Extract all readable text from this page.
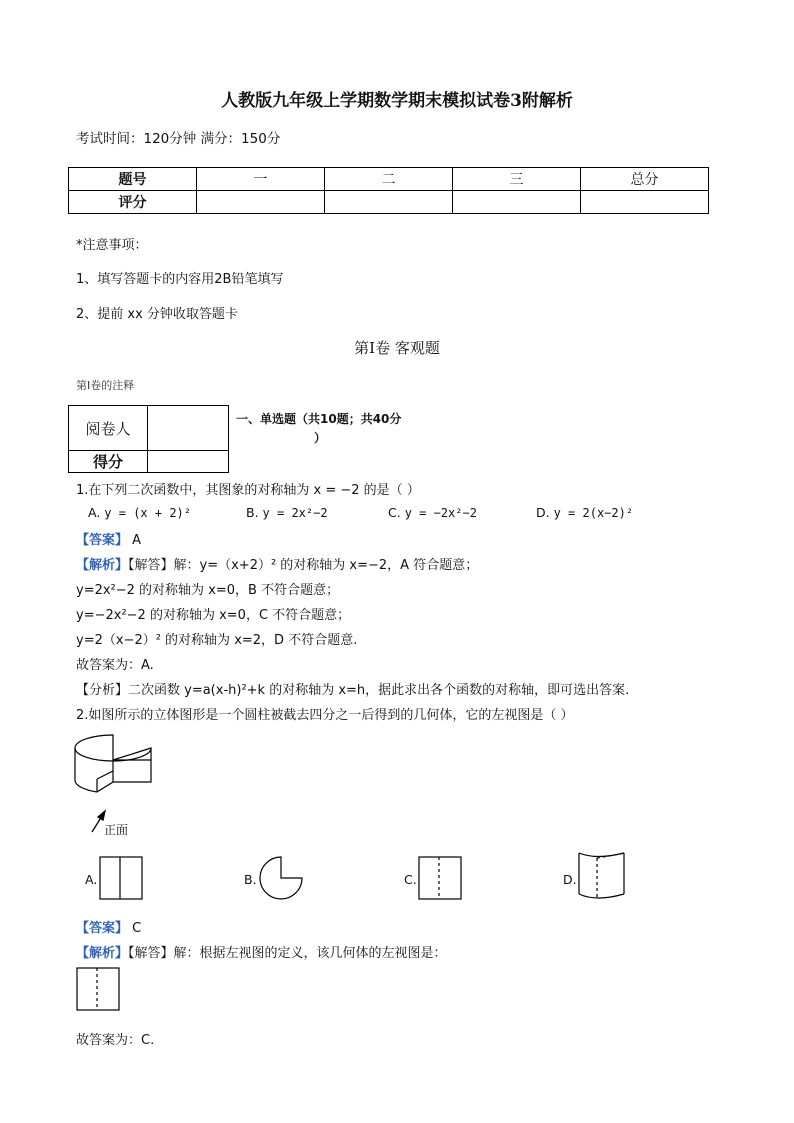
人教版九年级上学期数学期末模拟试卷3附解析
考试时间：120分钟 满分：150分
题号	一	二	三	总分
评分				
*注意事项：
1、填写答题卡的内容用2B铅笔填写
2、提前 xx 分钟收取答题卡
第Ⅰ卷 客观题
第Ⅰ卷的注释
阅卷人	
得分	
一、单选题（共10题；共40分
）
1.在下列二次函数中，其图象的对称轴为 x = −2 的是（ ）
A. y = (x + 2)²	B. y = 2x²−2	C. y = −2x²−2	D. y = 2(x−2)²
【答案】 A
【解析】【解答】解：y=（x+2）² 的对称轴为 x=−2，A 符合题意；
y=2x²−2 的对称轴为 x=0，B 不符合题意；
y=−2x²−2 的对称轴为 x=0，C 不符合题意；
y=2（x−2）² 的对称轴为 x=2，D 不符合题意.
故答案为：A.
【分析】二次函数 y=a(x-h)²+k 的对称轴为 x=h，据此求出各个函数的对称轴，即可选出答案.
2.如图所示的立体图形是一个圆柱被截去四分之一后得到的几何体，它的左视图是（ ）
正面
A.	B.	C.	D.
【答案】 C
【解析】【解答】解：根据左视图的定义，该几何体的左视图是：
故答案为：C.
